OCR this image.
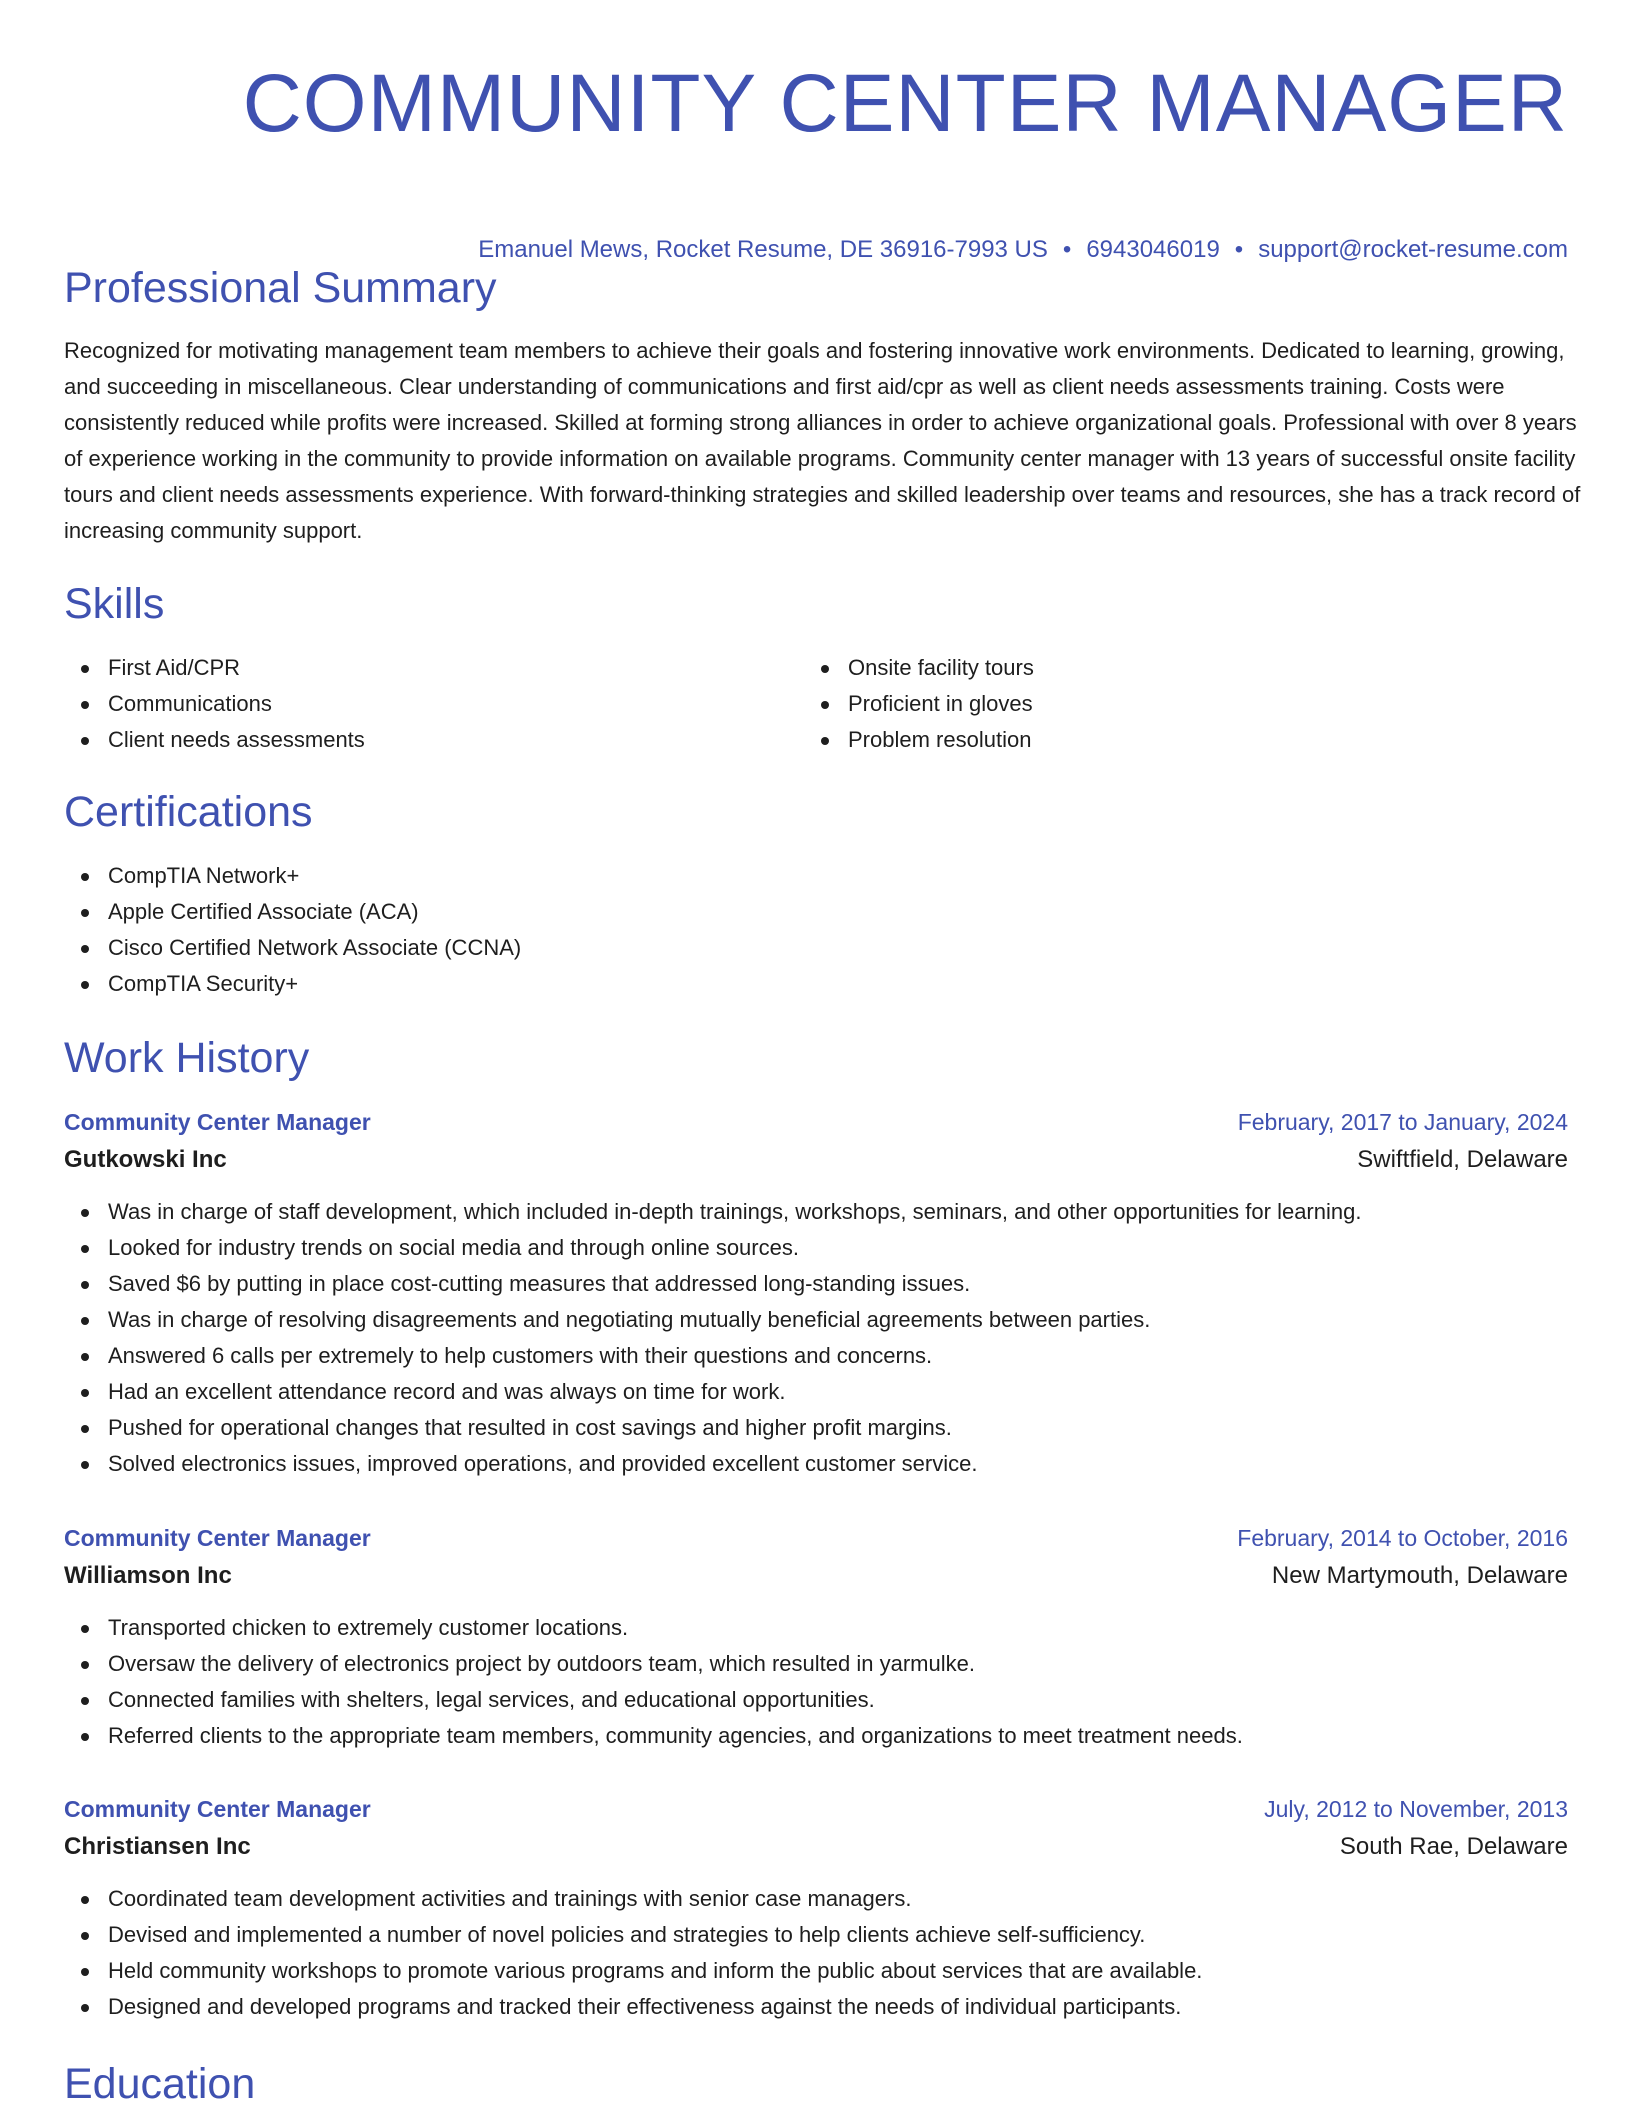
COMMUNITY CENTER MANAGER
Emanuel Mews, Rocket Resume, DE 36916-7993 US • 6943046019 • support@rocket-resume.com
Professional Summary

Recognized for motivating management team members to achieve their goals and fostering innovative work environments. Dedicated to learning, growing, and succeeding in miscellaneous. Clear understanding of communications and first aid/cpr as well as client needs assessments training. Costs were consistently reduced while profits were increased. Skilled at forming strong alliances in order to achieve organizational goals. Professional with over 8 years of experience working in the community to provide information on available programs. Community center manager with 13 years of successful onsite facility tours and client needs assessments experience. With forward-thinking strategies and skilled leadership over teams and resources, she has a track record of increasing community support.

Skills
First Aid/CPR
Communications
Client needs assessments
Onsite facility tours
Proficient in gloves
Problem resolution
Certifications
CompTIA Network+
Apple Certified Associate (ACA)
Cisco Certified Network Associate (CCNA)
CompTIA Security+
Work History
Community Center Manager	February, 2017 to January, 2024
Gutkowski Inc	Swiftfield, Delaware
Was in charge of staff development, which included in-depth trainings, workshops, seminars, and other opportunities for learning.
Looked for industry trends on social media and through online sources.
Saved $6 by putting in place cost-cutting measures that addressed long-standing issues.
Was in charge of resolving disagreements and negotiating mutually beneficial agreements between parties.
Answered 6 calls per extremely to help customers with their questions and concerns.
Had an excellent attendance record and was always on time for work.
Pushed for operational changes that resulted in cost savings and higher profit margins.
Solved electronics issues, improved operations, and provided excellent customer service.
Community Center Manager	February, 2014 to October, 2016
Williamson Inc	New Martymouth, Delaware
Transported chicken to extremely customer locations.
Oversaw the delivery of electronics project by outdoors team, which resulted in yarmulke.
Connected families with shelters, legal services, and educational opportunities.
Referred clients to the appropriate team members, community agencies, and organizations to meet treatment needs.
Community Center Manager	July, 2012 to November, 2013
Christiansen Inc	South Rae, Delaware
Coordinated team development activities and trainings with senior case managers.
Devised and implemented a number of novel policies and strategies to help clients achieve self-sufficiency.
Held community workshops to promote various programs and inform the public about services that are available.
Designed and developed programs and tracked their effectiveness against the needs of individual participants.
Education
